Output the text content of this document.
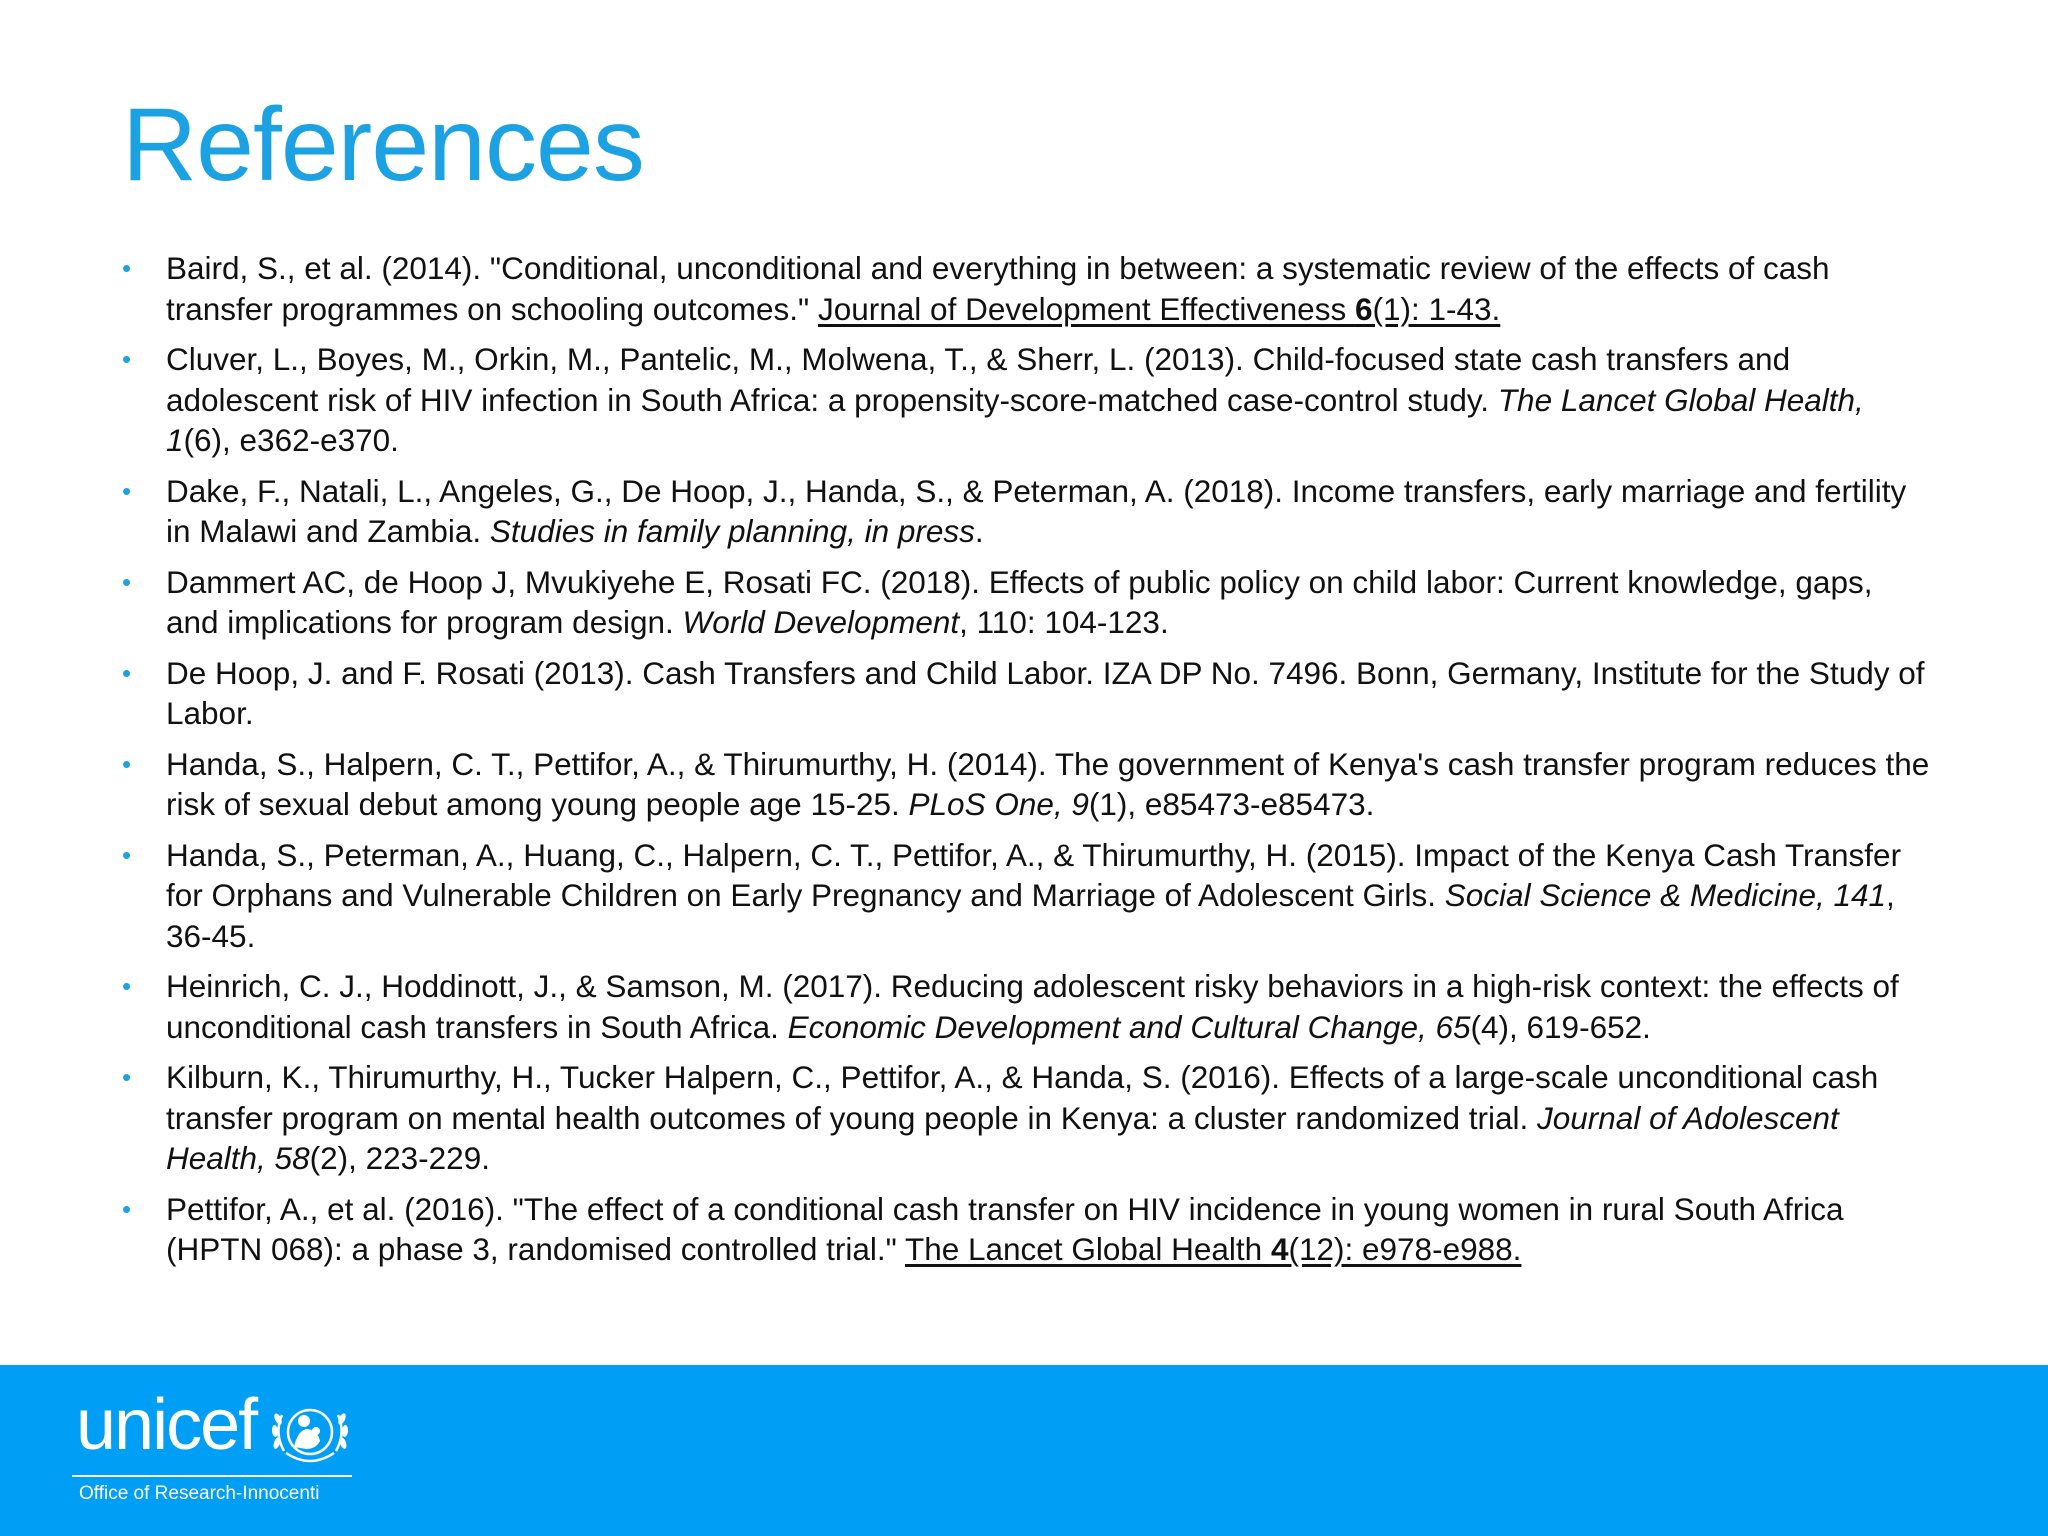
References
•	Baird, S., et al. (2014). "Conditional, unconditional and everything in between: a systematic review of the effects of cash transfer programmes on schooling outcomes." Journal of Development Effectiveness 6(1): 1-43.
•	Cluver, L., Boyes, M., Orkin, M., Pantelic, M., Molwena, T., & Sherr, L. (2013). Child-focused state cash transfers and adolescent risk of HIV infection in South Africa: a propensity-score-matched case-control study. The Lancet Global Health, 1(6), e362-e370.
•	Dake, F., Natali, L., Angeles, G., De Hoop, J., Handa, S., & Peterman, A. (2018). Income transfers, early marriage and fertility in Malawi and Zambia. Studies in family planning, in press.
•	Dammert AC, de Hoop J, Mvukiyehe E, Rosati FC. (2018). Effects of public policy on child labor: Current knowledge, gaps, and implications for program design. World Development, 110: 104-123.
•	De Hoop, J. and F. Rosati (2013). Cash Transfers and Child Labor. IZA DP No. 7496. Bonn, Germany, Institute for the Study of Labor.
•	Handa, S., Halpern, C. T., Pettifor, A., & Thirumurthy, H. (2014). The government of Kenya's cash transfer program reduces the risk of sexual debut among young people age 15-25. PLoS One, 9(1), e85473-e85473.
•	Handa, S., Peterman, A., Huang, C., Halpern, C. T., Pettifor, A., & Thirumurthy, H. (2015). Impact of the Kenya Cash Transfer for Orphans and Vulnerable Children on Early Pregnancy and Marriage of Adolescent Girls. Social Science & Medicine, 141, 36-45.
•	Heinrich, C. J., Hoddinott, J., & Samson, M. (2017). Reducing adolescent risky behaviors in a high-risk context: the effects of unconditional cash transfers in South Africa. Economic Development and Cultural Change, 65(4), 619-652.
•	Kilburn, K., Thirumurthy, H., Tucker Halpern, C., Pettifor, A., & Handa, S. (2016). Effects of a large-scale unconditional cash transfer program on mental health outcomes of young people in Kenya: a cluster randomized trial. Journal of Adolescent Health, 58(2), 223-229.
•	Pettifor, A., et al. (2016). "The effect of a conditional cash transfer on HIV incidence in young women in rural South Africa (HPTN 068): a phase 3, randomised controlled trial." The Lancet Global Health 4(12): e978-e988.
unicef
Office of Research-Innocenti
